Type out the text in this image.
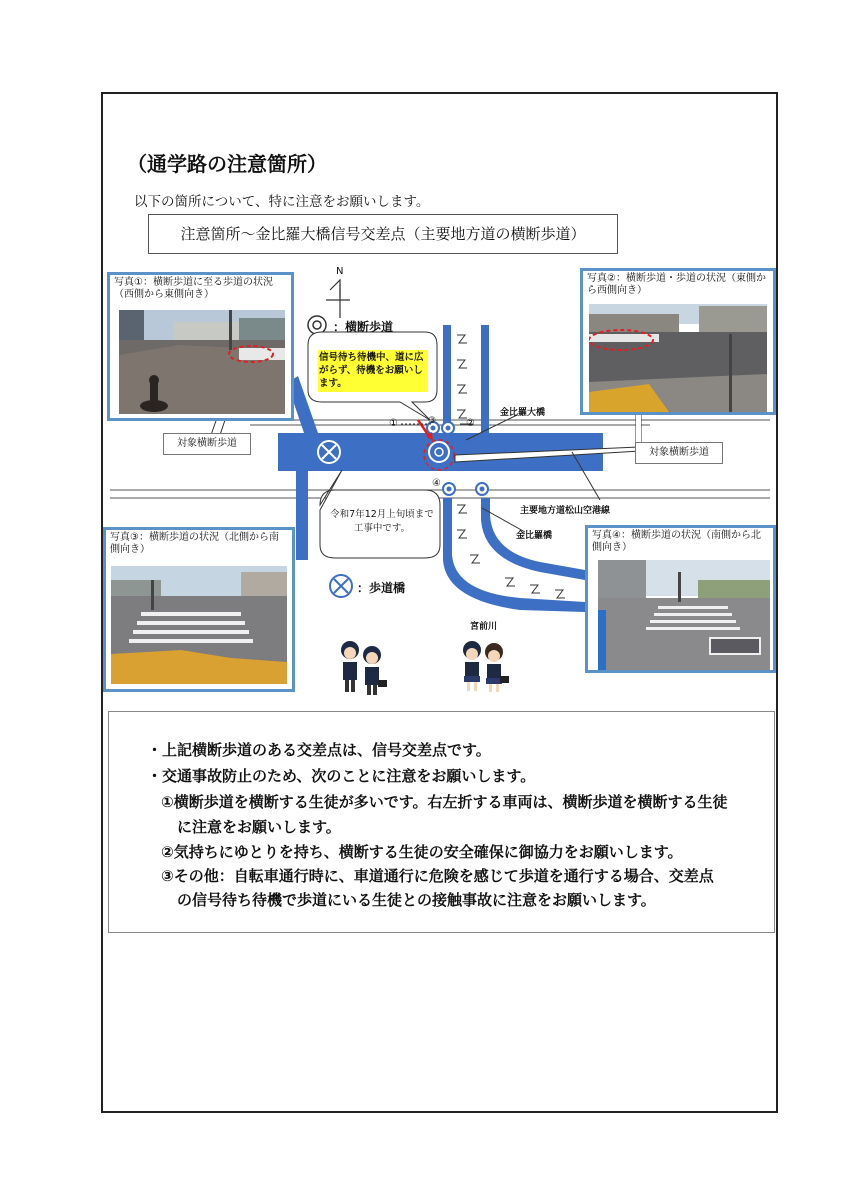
（通学路の注意箇所）
以下の箇所について、特に注意をお願いします。
注意箇所～金比羅大橋信号交差点（主要地方道の横断歩道）
N
：横断歩道
：歩道橋
信号待ち待機中、道に広がらず、待機をお願いします。
令和7年12月上旬頃まで工事中です。
対象横断歩道
対象横断歩道
金比羅大橋
主要地方道松山空港線
金比羅橋
宮前川
①	②
③
④
写真①：横断歩道に至る歩道の状況（西側から東側向き）
写真②：横断歩道・歩道の状況（東側から西側向き）
写真③：横断歩道の状況（北側から南側向き）
写真④：横断歩道の状況（南側から北側向き）
・上記横断歩道のある交差点は、信号交差点です。
・交通事故防止のため、次のことに注意をお願いします。
①横断歩道を横断する生徒が多いです。右左折する車両は、横断歩道を横断する生徒
に注意をお願いします。
②気持ちにゆとりを持ち、横断する生徒の安全確保に御協力をお願いします。
③その他：自転車通行時に、車道通行に危険を感じて歩道を通行する場合、交差点
の信号待ち待機で歩道にいる生徒との接触事故に注意をお願いします。
